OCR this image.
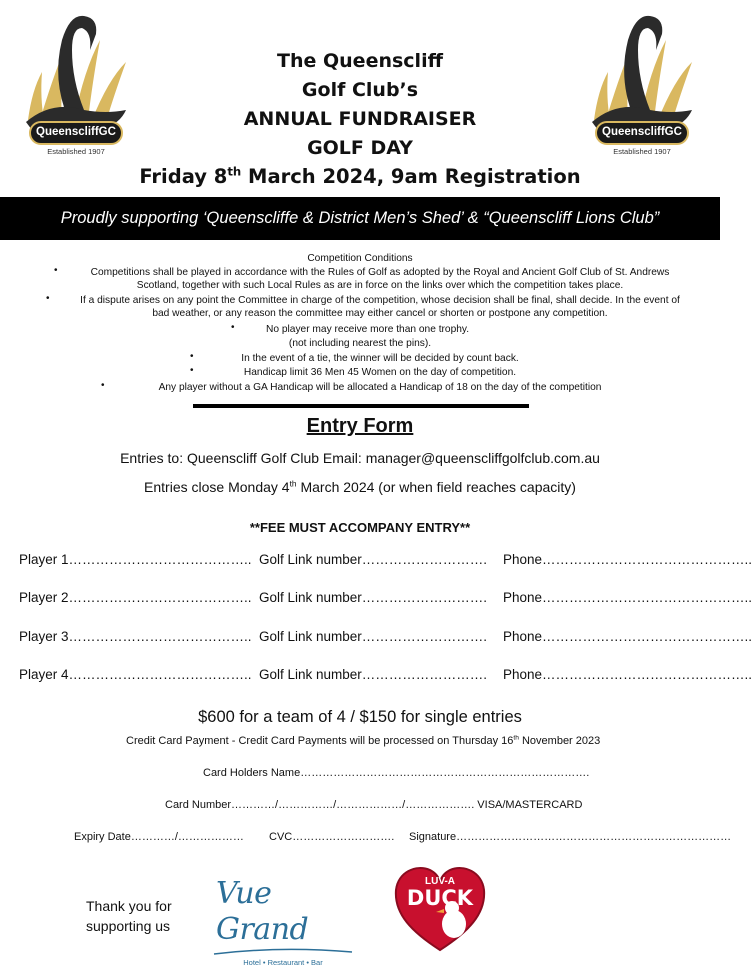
QueenscliffGC
Established 1907
QueenscliffGC
Established 1907
The Queenscliff
Golf Club’s
ANNUAL FUNDRAISER
GOLF DAY
Friday 8th March 2024, 9am Registration
Proudly supporting ‘Queenscliffe & District Men’s Shed’ & “Queenscliff Lions Club”
Competition Conditions
•	Competitions shall be played in accordance with the Rules of Golf as adopted by the Royal and Ancient Golf Club of St. Andrews Scotland, together with such Local Rules as are in force on the links over which the competition takes place.
•	If a dispute arises on any point the Committee in charge of the competition, whose decision shall be final, shall decide. In the event of bad weather, or any reason the committee may either cancel or shorten or postpone any competition.
•	No player may receive more than one trophy.
(not including nearest the pins).
•	In the event of a tie, the winner will be decided by count back.
•	Handicap limit 36 Men 45 Women on the day of competition.
•	Any player without a GA Handicap will be allocated a Handicap of 18 on the day of the competition
Entry Form
Entries to: Queenscliff Golf Club Email: manager@queenscliffgolfclub.com.au
Entries close Monday 4th March 2024 (or when field reaches capacity)
**FEE MUST ACCOMPANY ENTRY**
Player 1………………………………….. Golf Link number………………………. Phone………………………………………..
Player 2………………………………….. Golf Link number………………………. Phone………………………………………..
Player 3………………………………….. Golf Link number………………………. Phone………………………………………..
Player 4………………………………….. Golf Link number………………………. Phone………………………………………..
$600 for a team of 4 / $150 for single entries
Credit Card Payment - Credit Card Payments will be processed on Thursday 16th November 2023
Card Holders Name…………………………………………………………………….
Card Number…………/……………/………………/………………. VISA/MASTERCARD
Expiry Date…………/……………… CVC………………………. Signature…………………………………………………………………
Thank you for
supporting us
Vue Grand
Hotel • Restaurant • Bar
LUV-A
DUCK
